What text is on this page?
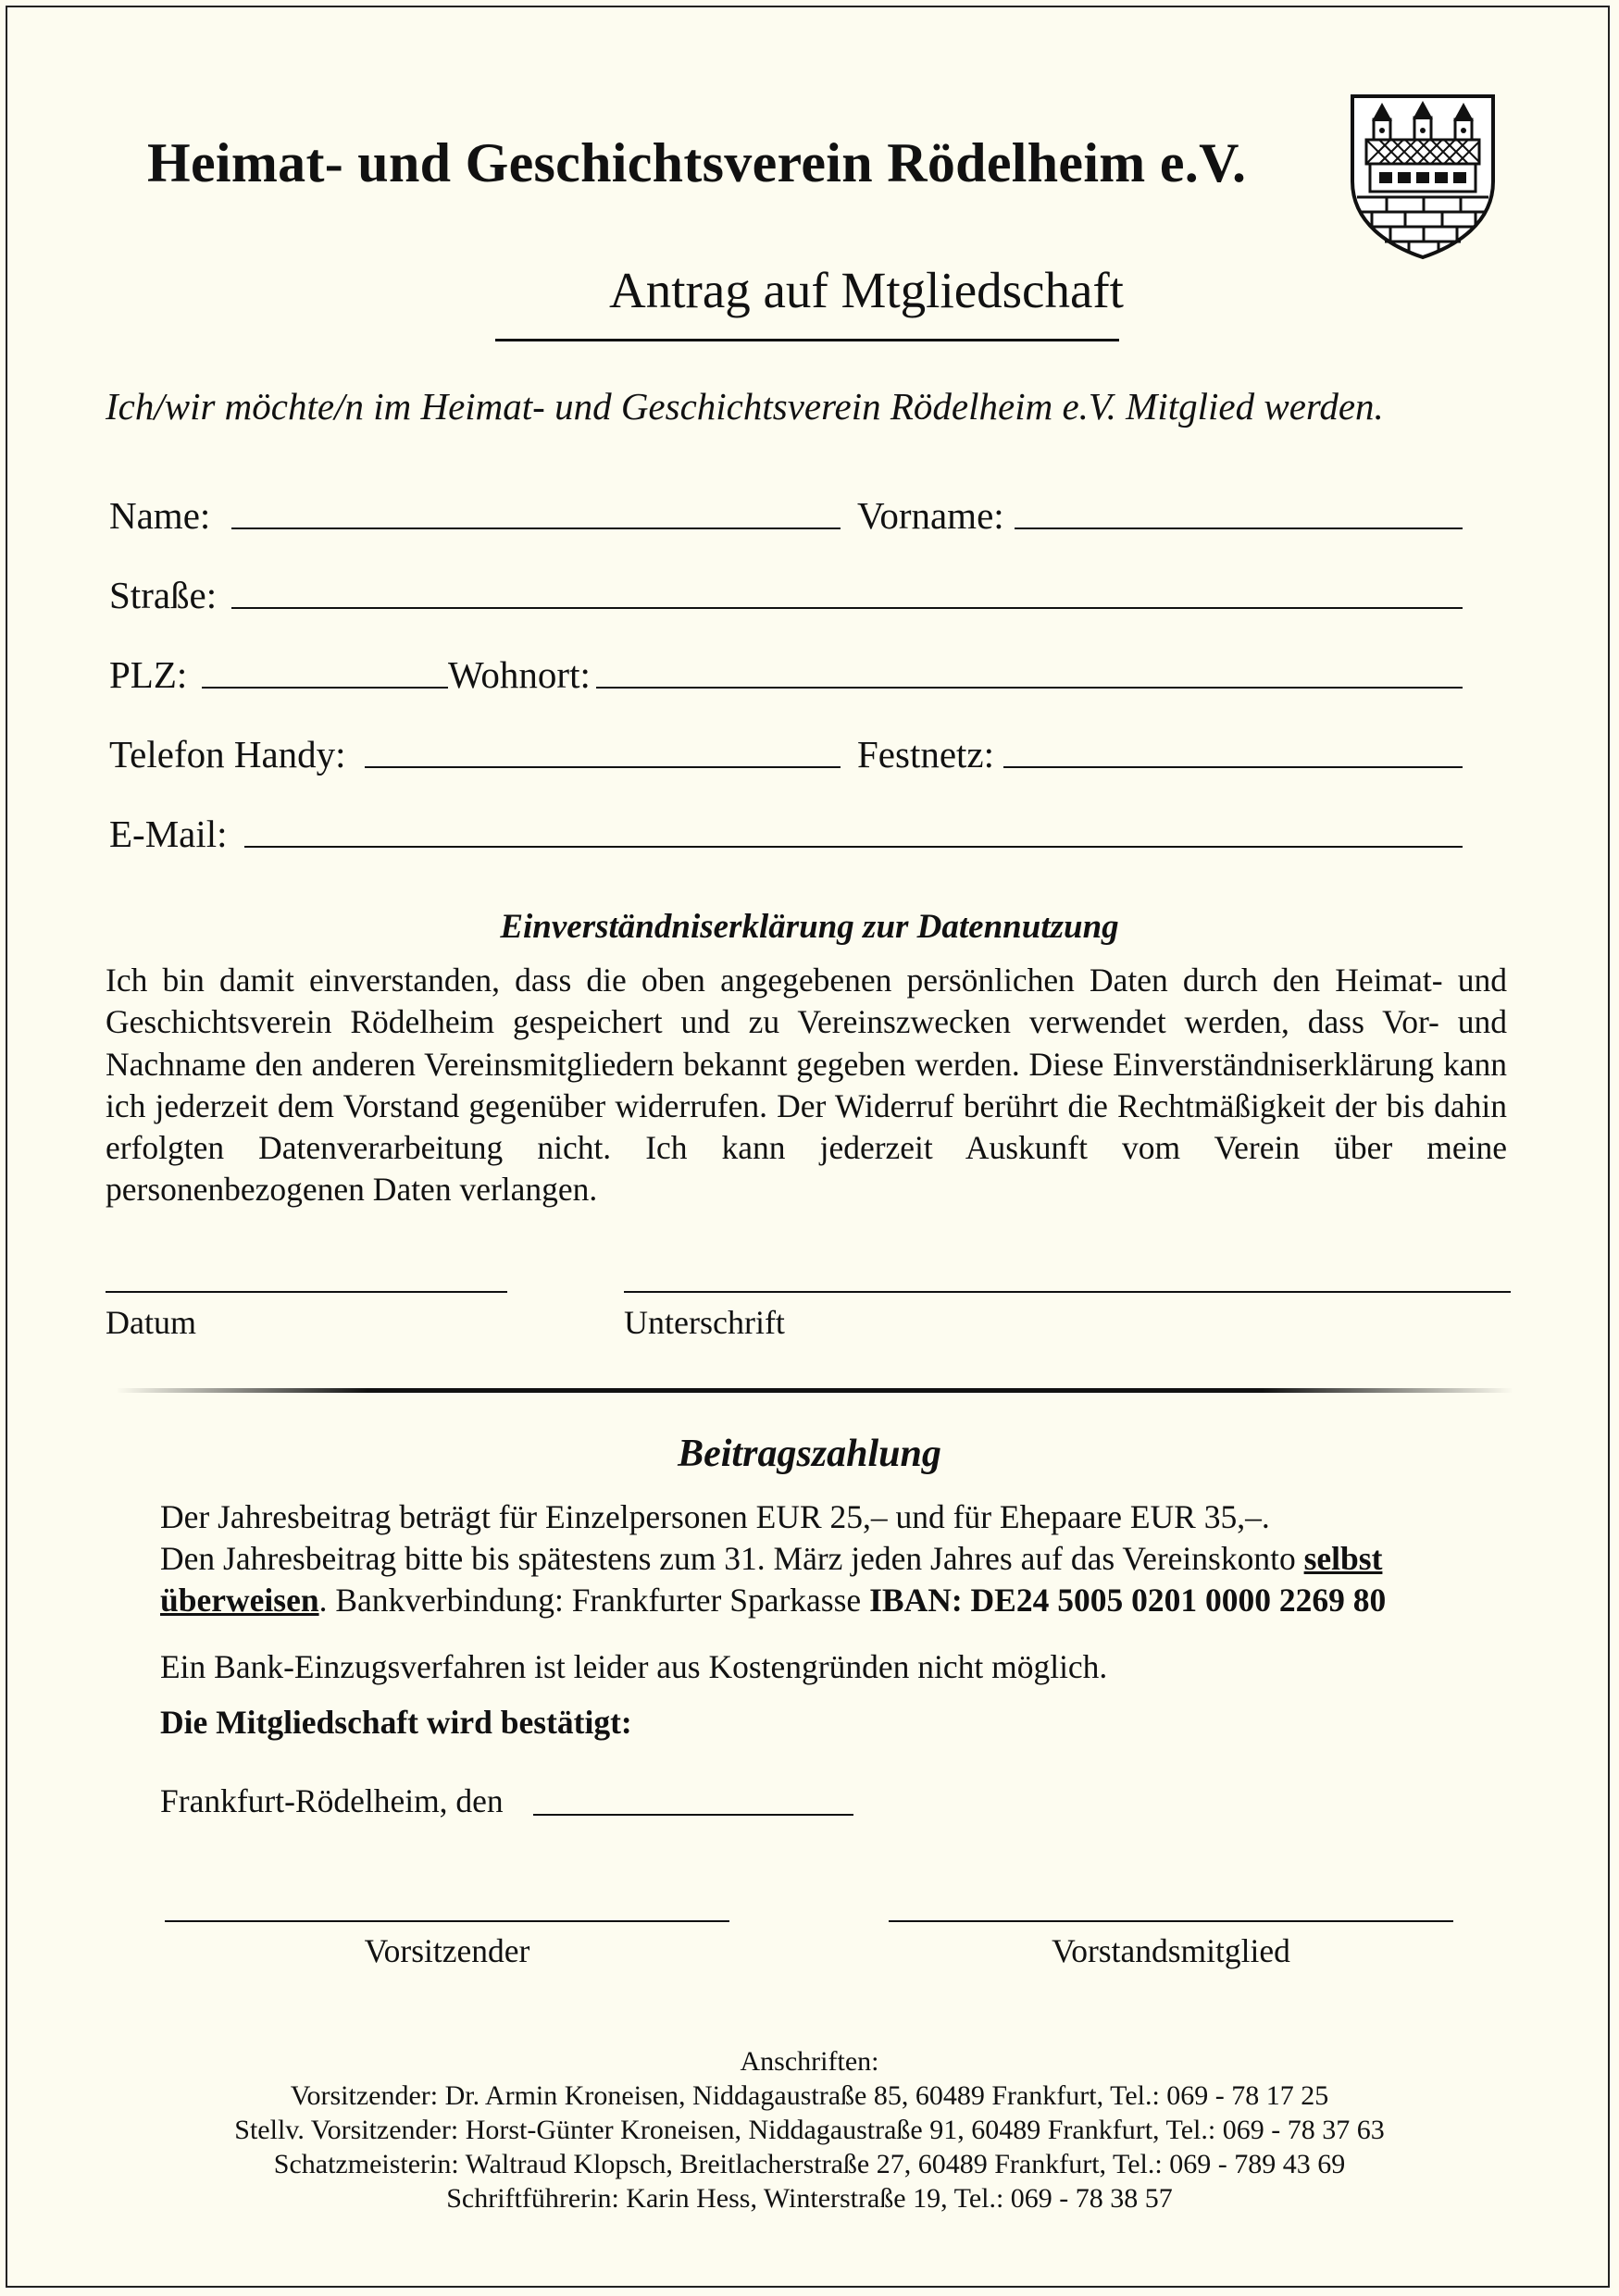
Heimat- und Geschichtsverein Rödelheim e.V.
Antrag auf Mtgliedschaft
Ich/wir möchte/n im Heimat- und Geschichtsverein Rödelheim e.V. Mitglied werden.
Name:	Vorname:
Straße:
PLZ:	Wohnort:
Telefon Handy:	Festnetz:
E-Mail:
Einverständniserklärung zur Datennutzung
Ich bin damit einverstanden, dass die oben angegebenen persönlichen Daten durch den Heimat- und Geschichtsverein Rödelheim gespeichert und zu Vereinszwecken verwendet werden, dass Vor- und Nachname den anderen Vereinsmitgliedern bekannt gegeben werden. Diese Einverständniserklärung kann ich jederzeit dem Vorstand gegenüber widerrufen. Der Widerruf berührt die Rechtmäßigkeit der bis dahin erfolgten Datenverarbeitung nicht. Ich kann jederzeit Auskunft vom Verein über meine personenbezogenen Daten verlangen.
Datum	Unterschrift
Beitragszahlung
Der Jahresbeitrag beträgt für Einzelpersonen EUR 25,– und für Ehepaare EUR 35,–.
Den Jahresbeitrag bitte bis spätestens zum 31. März jeden Jahres auf das Vereinskonto selbst
überweisen. Bankverbindung: Frankfurter Sparkasse IBAN: DE24 5005 0201 0000 2269 80
Ein Bank-Einzugsverfahren ist leider aus Kostengründen nicht möglich.
Die Mitgliedschaft wird bestätigt:
Frankfurt-Rödelheim, den
Vorsitzender	Vorstandsmitglied
Anschriften:
Vorsitzender: Dr. Armin Kroneisen, Niddagaustraße 85, 60489 Frankfurt, Tel.: 069 - 78 17 25
Stellv. Vorsitzender: Horst-Günter Kroneisen, Niddagaustraße 91, 60489 Frankfurt, Tel.: 069 - 78 37 63
Schatzmeisterin: Waltraud Klopsch, Breitlacherstraße 27, 60489 Frankfurt, Tel.: 069 - 789 43 69
Schriftführerin: Karin Hess, Winterstraße 19, Tel.: 069 - 78 38 57
